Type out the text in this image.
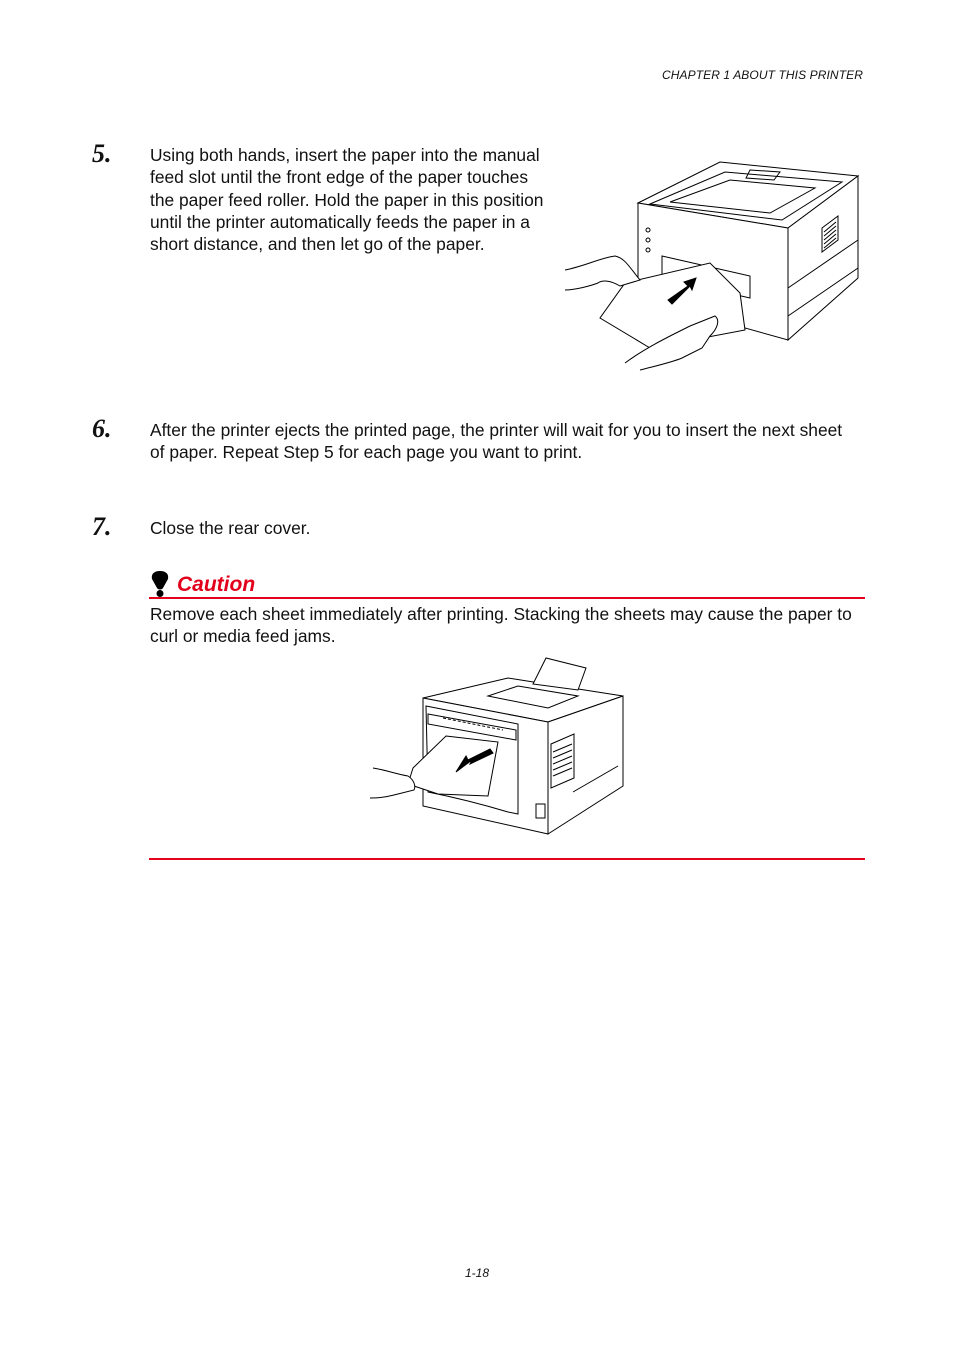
CHAPTER 1 ABOUT THIS PRINTER
5. Using both hands, insert the paper into the manual feed slot until the front edge of the paper touches the paper feed roller. Hold the paper in this position until the printer automatically feeds the paper in a short distance, and then let go of the paper.

6. After the printer ejects the printed page, the printer will wait for you to insert the next sheet of paper. Repeat Step 5 for each page you want to print.

7. Close the rear cover.

Caution

Remove each sheet immediately after printing. Stacking the sheets may cause the paper to curl or media feed jams.

1-18
